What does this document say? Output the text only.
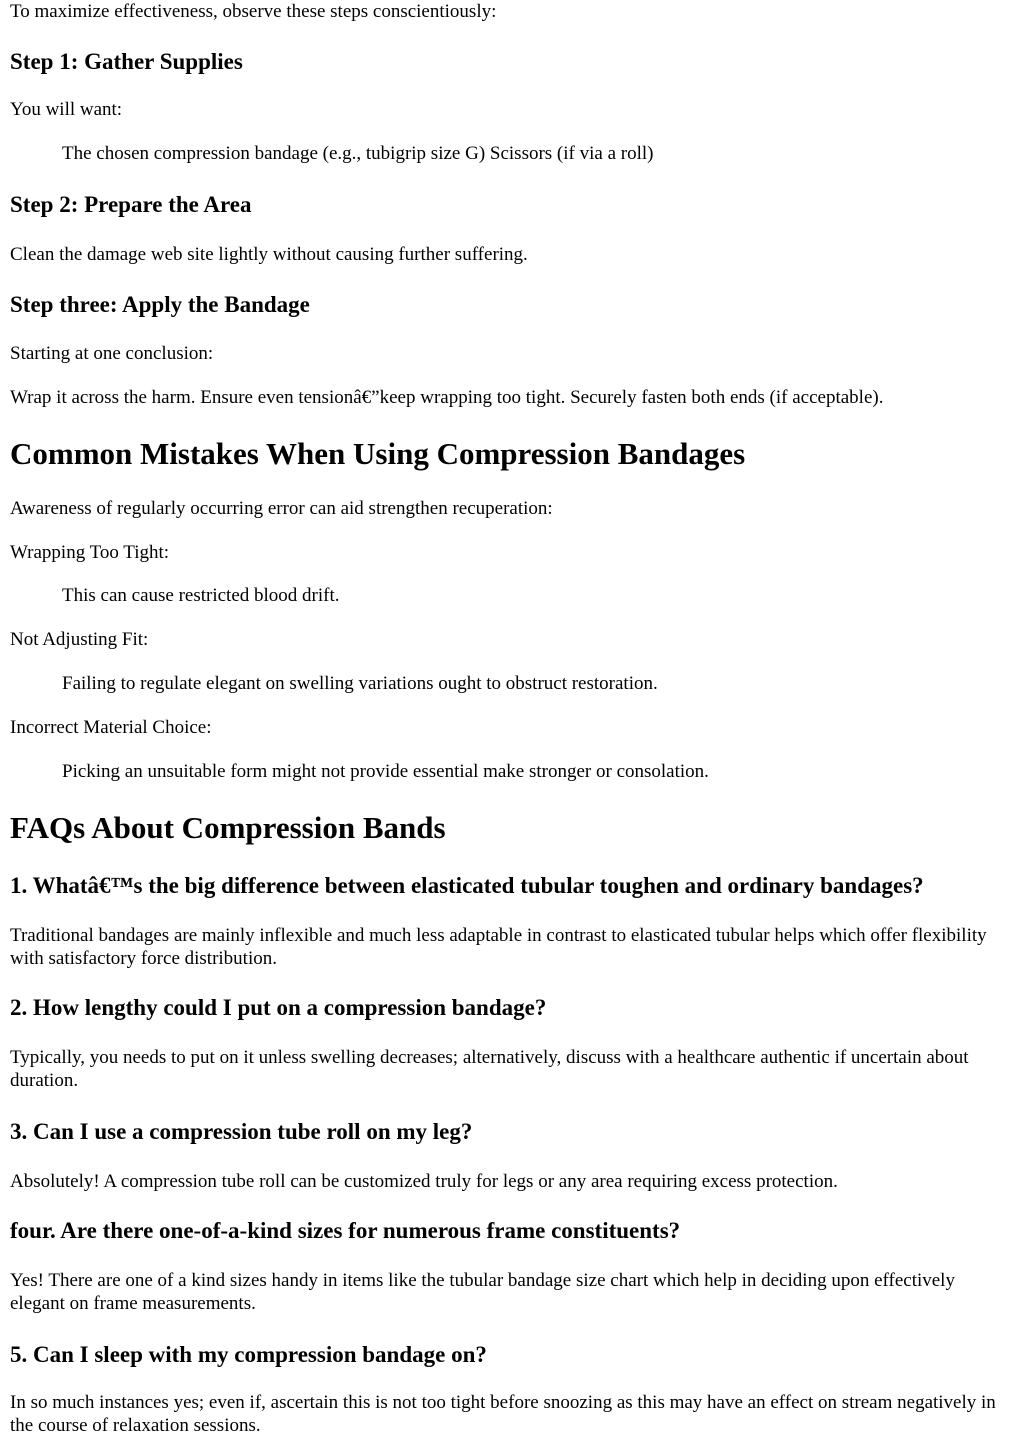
To maximize effectiveness, observe these steps conscientiously:

Step 1: Gather Supplies

You will want:

The chosen compression bandage (e.g., tubigrip size G) Scissors (if via a roll)

Step 2: Prepare the Area

Clean the damage web site lightly without causing further suffering.

Step three: Apply the Bandage

Starting at one conclusion:

Wrap it across the harm. Ensure even tensionâ€”keep wrapping too tight. Securely fasten both ends (if acceptable).

Common Mistakes When Using Compression Bandages

Awareness of regularly occurring error can aid strengthen recuperation:

Wrapping Too Tight:

This can cause restricted blood drift.

Not Adjusting Fit:

Failing to regulate elegant on swelling variations ought to obstruct restoration.

Incorrect Material Choice:

Picking an unsuitable form might not provide essential make stronger or consolation.

FAQs About Compression Bands
1. Whatâ€™s the big difference between elasticated tubular toughen and ordinary bandages?

Traditional bandages are mainly inflexible and much less adaptable in contrast to elasticated tubular helps which offer flexibility with satisfactory force distribution.

2. How lengthy could I put on a compression bandage?

Typically, you needs to put on it unless swelling decreases; alternatively, discuss with a healthcare authentic if uncertain about duration.

3. Can I use a compression tube roll on my leg?

Absolutely! A compression tube roll can be customized truly for legs or any area requiring excess protection.

four. Are there one-of-a-kind sizes for numerous frame constituents?

Yes! There are one of a kind sizes handy in items like the tubular bandage size chart which help in deciding upon effectively elegant on frame measurements.

5. Can I sleep with my compression bandage on?

In so much instances yes; even if, ascertain this is not too tight before snoozing as this may have an effect on stream negatively in the course of relaxation sessions.
